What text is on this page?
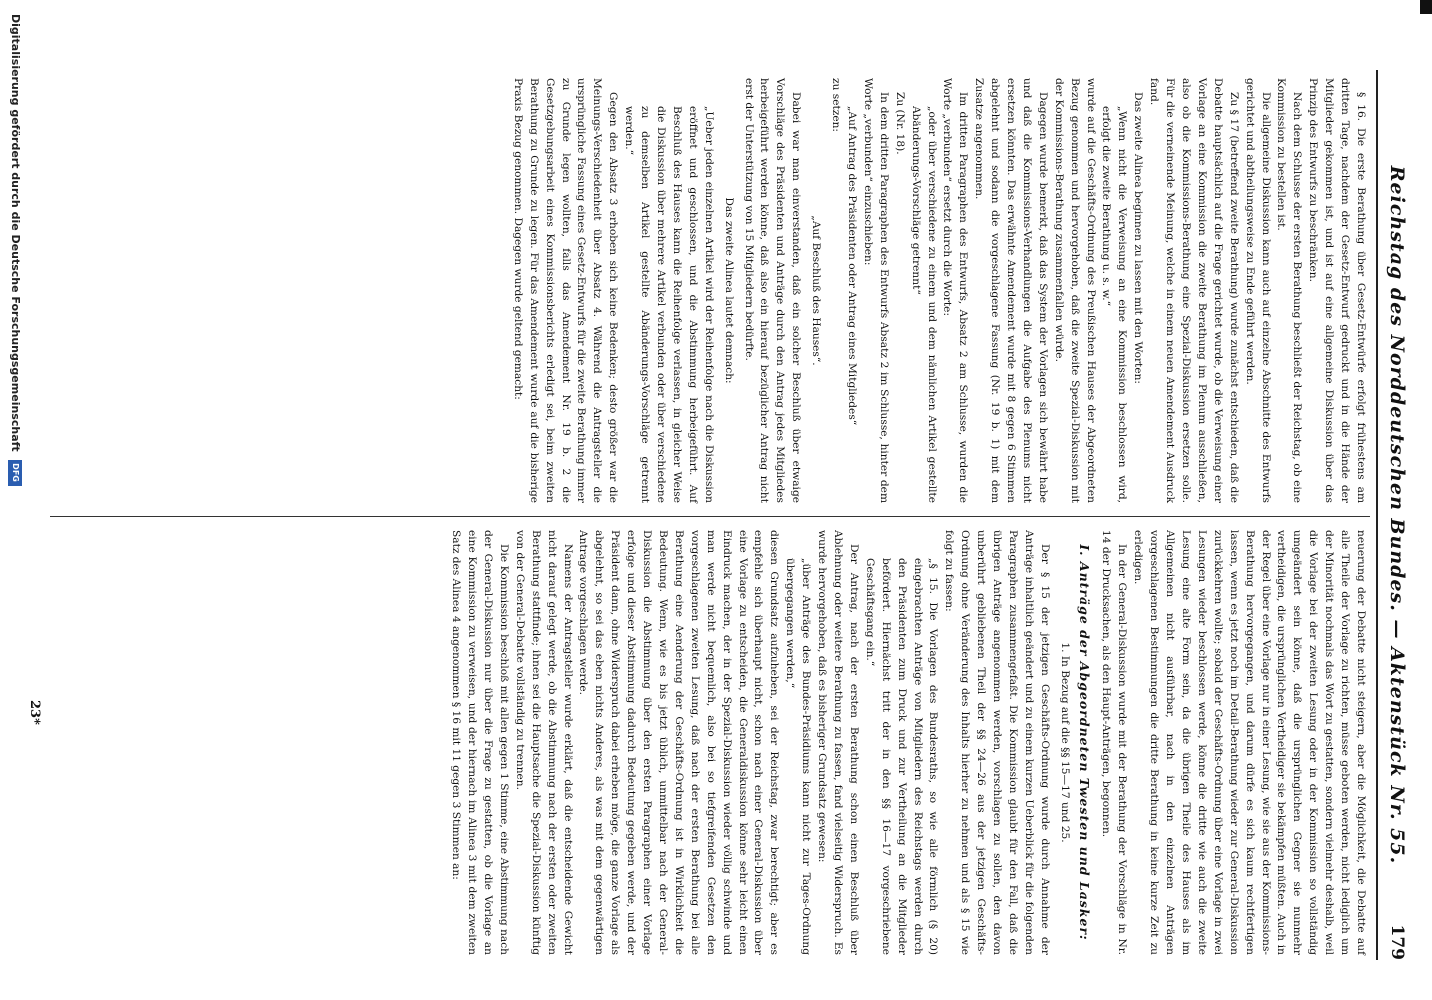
Reichstag des Norddeutschen Bundes. — Aktenstück Nr. 55.
179

§ 16. Die erste Berathung über Gesetz-Entwürfe erfolgt frühestens am dritten Tage, nachdem der Gesetz-Entwurf gedruckt und in die Hände der Mitglieder gekommen ist, und ist auf eine allgemeine Diskussion über das Prinzip des Entwurfs zu beschränken.

Nach dem Schlusse der ersten Berathung beschließt der Reichstag, ob eine Kommission zu bestellen ist.

Die allgemeine Diskussion kann auch auf einzelne Abschnitte des Entwurfs gerichtet und abtheilungsweise zu Ende geführt werden.

Zu § 17 (betreffend zweite Berathung) wurde zunächst entschieden, daß die Debatte hauptsächlich auf die Frage gerichtet wurde, ob die Verweisung einer Vorlage an eine Kommission die zweite Berathung im Plenum ausschließen, also ob die Kommissions-Berathung eine Spezial-Diskussion ersetzen solle. Für die verneinende Meinung, welche in einem neuen Amendement Ausdruck fand.

Das zweite Alinea beginnen zu lassen mit den Worten:

„Wenn nicht die Verweisung an eine Kommission beschlossen wird, erfolgt die zweite Berathung u. s. w.“

wurde auf die Geschäfts-Ordnung des Preußischen Hauses der Abgeordneten Bezug genommen und hervorgehoben, daß die zweite Spezial-Diskussion mit der Kommissions-Berathung zusammenfallen würde.

Dagegen wurde bemerkt, daß das System der Vorlagen sich bewährt habe und daß die Kommissions-Verhandlungen die Aufgabe des Plenums nicht ersetzen könnten. Das erwähnte Amendement wurde mit 8 gegen 6 Stimmen abgelehnt und sodann die vorgeschlagene Fassung (Nr. 19 b. 1) mit dem Zusatze angenommen.

Im dritten Paragraphen des Entwurfs, Absatz 2 am Schlusse, wurden die Worte „verbunden“ ersetzt durch die Worte:

„oder über verschiedene zu einem und dem nämlichen Artikel gestellte Abänderungs-Vorschläge getrennt“

Zu (Nr. 18).

In dem dritten Paragraphen des Entwurfs Absatz 2 im Schlusse, hinter dem Worte „verbunden“ einzuschieben:

„Auf Antrag des Präsidenten oder Antrag eines Mitgliedes“

zu setzen:

„Auf Beschluß des Hauses“.

Dabei war man einverstanden, daß ein solcher Beschluß über etwaige Vorschläge des Präsidenten und Anträge durch den Antrag jedes Mitgliedes herbeigeführt werden könne, daß also ein hierauf bezüglicher Antrag nicht erst der Unterstützung von 15 Mitgliedern bedürfte.

Das zweite Alinea lautet demnach:

„Ueber jeden einzelnen Artikel wird der Reihenfolge nach die Diskussion eröffnet und geschlossen, und die Abstimmung herbeigeführt. Auf Beschluß des Hauses kann die Reihenfolge verlassen, in gleicher Weise die Diskussion über mehrere Artikel verbunden oder über verschiedene zu demselben Artikel gestellte Abänderungs-Vorschläge getrennt werden.“

Gegen den Absatz 3 erhoben sich keine Bedenken; desto größer war die Meinungs-Verschiedenheit über Absatz 4. Während die Antragsteller die ursprüngliche Fassung eines Gesetz-Entwurfs für die zweite Berathung immer zu Grunde legen wollten, falls das Amendement Nr. 19 b. 2 die Gesetzgebungsarbeit eines Kommissionsberichts erledigt sei, beim zweiten Berathung zu Grunde zu legen. Für das Amendement wurde auf die bisherige Praxis Bezug genommen. Dagegen wurde geltend gemacht:

neuerung der Debatte nicht steigern, aber die Möglichkeit, die Debatte auf alle Theile der Vorlage zu richten, müsse geboten werden, nicht lediglich um der Minorität nochmals das Wort zu gestatten, sondern vielmehr deshalb, weil die Vorlage bei der zweiten Lesung oder in der Kommission so vollständig umgeändert sein könne, daß die ursprünglichen Gegner sie nunmehr vertheidigen, die ursprünglichen Vertheidiger sie bekämpfen müßten. Auch in der Regel über eine Vorlage nur in einer Lesung, wie sie aus der Kommissions-Berathung hervorgegangen, und darum dürfe es sich kaum rechtfertigen lassen, wenn es jetzt noch im Detail-Berathung wieder zur General-Diskussion zurückkehren wollte; sobald der Geschäfts-Ordnung über eine Vorlage in zwei Lesungen wieder beschlossen werde, könne die dritte wie auch die zweite Lesung eine alte Form sein, da die übrigen Theile des Hauses als im Allgemeinen nicht ausführbar, nach in den einzelnen Anträgen vorgeschlagenen Bestimmungen die dritte Berathung in keine kurze Zeit zu erledigen.

In der General-Diskussion wurde mit der Berathung der Vorschläge in Nr. 14 der Drucksachen, als den Haupt-Anträgen, begonnen.

I. Anträge der Abgeordneten Twesten und Lasker:

1. In Bezug auf die §§ 15—17 und 25.

Der § 15 der jetzigen Geschäfts-Ordnung wurde durch Annahme der Anträge inhaltlich geändert und zu einem kurzen Ueberblick für die folgenden Paragraphen zusammengefaßt. Die Kommission glaubt für den Fall, daß die übrigen Anträge angenommen werden, vorschlagen zu sollen, den davon unberührt gebliebenen Theil der §§ 24—26 aus der jetzigen Geschäfts-Ordnung ohne Veränderung des Inhalts hierher zu nehmen und als § 15 wie folgt zu fassen:

„§ 15. Die Vorlagen des Bundesraths, so wie alle förmlich (§ 20) eingebrachten Anträge von Mitgliedern des Reichstags werden durch den Präsidenten zum Druck und zur Vertheilung an die Mitglieder befördert. Hiernächst tritt der in den §§ 16—17 vorgeschriebene Geschäftsgang ein.“

Der Antrag, nach der ersten Berathung schon einen Beschluß über Ablehnung oder weitere Berathung zu fassen, fand vielseitig Widerspruch. Es wurde hervorgehoben, daß es bisheriger Grundsatz gewesen:

„über Anträge des Bundes-Präsidiums kann nicht zur Tages-Ordnung übergegangen werden,“

diesen Grundsatz aufzuheben, sei der Reichstag, zwar berechtigt; aber es empfehle sich überhaupt nicht, schon nach einer General-Diskussion über eine Vorlage zu entscheiden, die Generaldiskussion könne sehr leicht einen Eindruck machen, der in der Spezial-Diskussion wieder völlig schwinde und man werde nicht bequemlich, also bei so tiefgreifenden Gesetzen den vorgeschlagenen zweiten Lesung, daß nach der ersten Berathung bei alle Berathung eine Aenderung der Geschäfts-Ordnung ist in Wirklichkeit die Bedeutung. Wenn, wie es bis jetzt üblich, unmittelbar nach der General-Diskussion die Abstimmung über den ersten Paragraphen einer Vorlage erfolge und dieser Abstimmung dadurch Bedeutung gegeben werde, und der Präsident dann, ohne Widerspruch dabei erheben möge, die ganze Vorlage als abgelehnt, so sei das eben nichts Anderes, als was mit dem gegenwärtigen Antrage vorgeschlagen werde.

Namens der Antragsteller wurde erklärt, daß die entscheidende Gewicht nicht darauf gelegt werde, ob die Abstimmung nach der ersten oder zweiten Berathung stattfinde; ihnen sei die Hauptsache die Spezial-Diskussion künftig von der General-Debatte vollständig zu trennen.

Die Kommission beschloß mit allen gegen 1 Stimme, eine Abstimmung nach der General-Diskussion nur über die Frage zu gestatten, ob die Vorlage an eine Kommission zu verweisen, und der hiernach im Alinea 3 mit dem zweiten Satz des Alinea 4 angenommen § 16 mit 11 gegen 3 Stimmen an:

23*
Digitalisierung gefördert durch die Deutsche Forschungsgemeinschaft DFG
